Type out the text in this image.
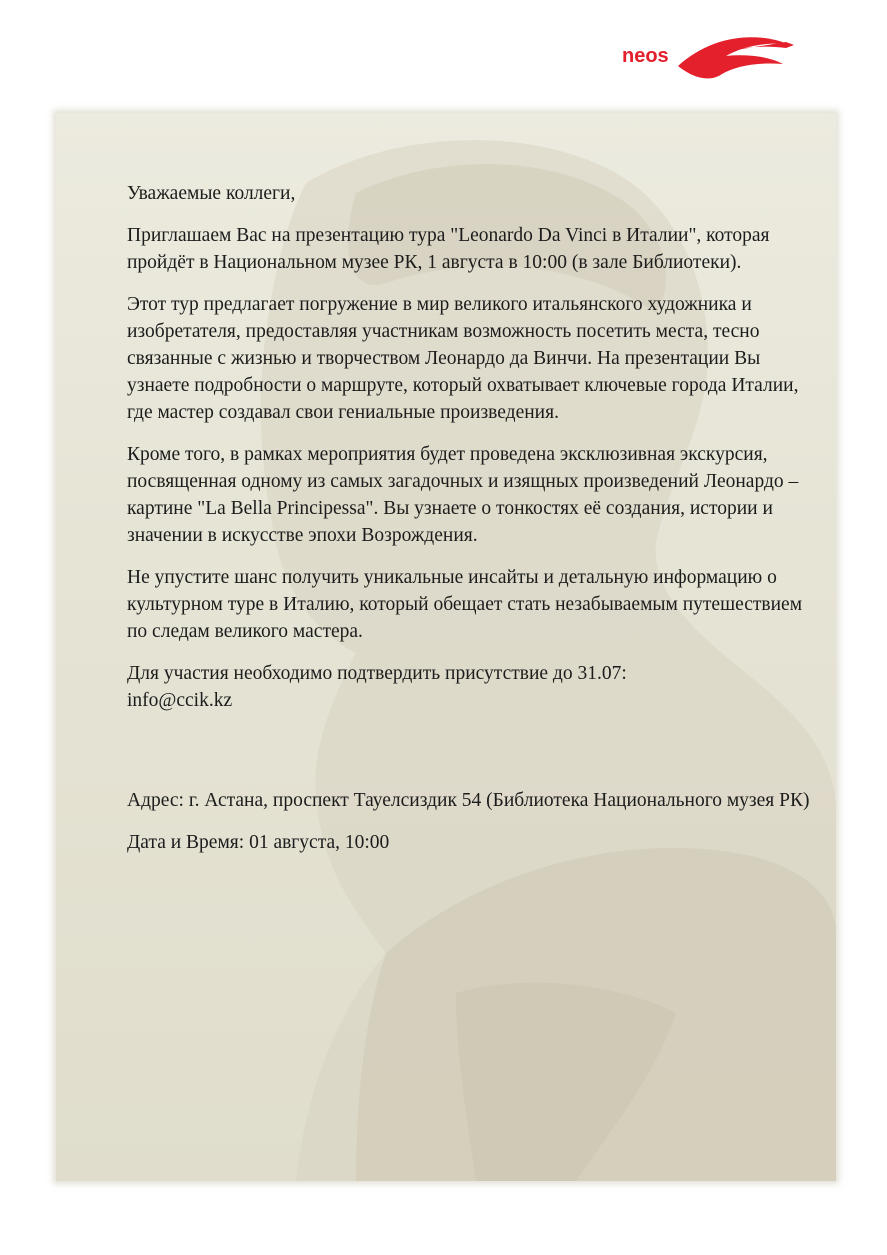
neos

Уважаемые коллеги,

Приглашаем Вас на презентацию тура "Leonardo Da Vinci в Италии", которая пройдёт в Национальном музее РК, 1 августа в 10:00 (в зале Библиотеки).

Этот тур предлагает погружение в мир великого итальянского художника и изобретателя, предоставляя участникам возможность посетить места, тесно связанные с жизнью и творчеством Леонардо да Винчи. На презентации Вы узнаете подробности о маршруте, который охватывает ключевые города Италии, где мастер создавал свои гениальные произведения.

Кроме того, в рамках мероприятия будет проведена эксклюзивная экскурсия, посвященная одному из самых загадочных и изящных произведений Леонардо – картине "La Bella Principessa". Вы узнаете о тонкостях её создания, истории и значении в искусстве эпохи Возрождения.

Не упустите шанс получить уникальные инсайты и детальную информацию о культурном туре в Италию, который обещает стать незабываемым путешествием по следам великого мастера.

Для участия необходимо подтвердить присутствие до 31.07:
info@ccik.kz

Адрес: г. Астана, проспект Тауелсиздик 54 (Библиотека Национального музея РК)

Дата и Время: 01 августа, 10:00
